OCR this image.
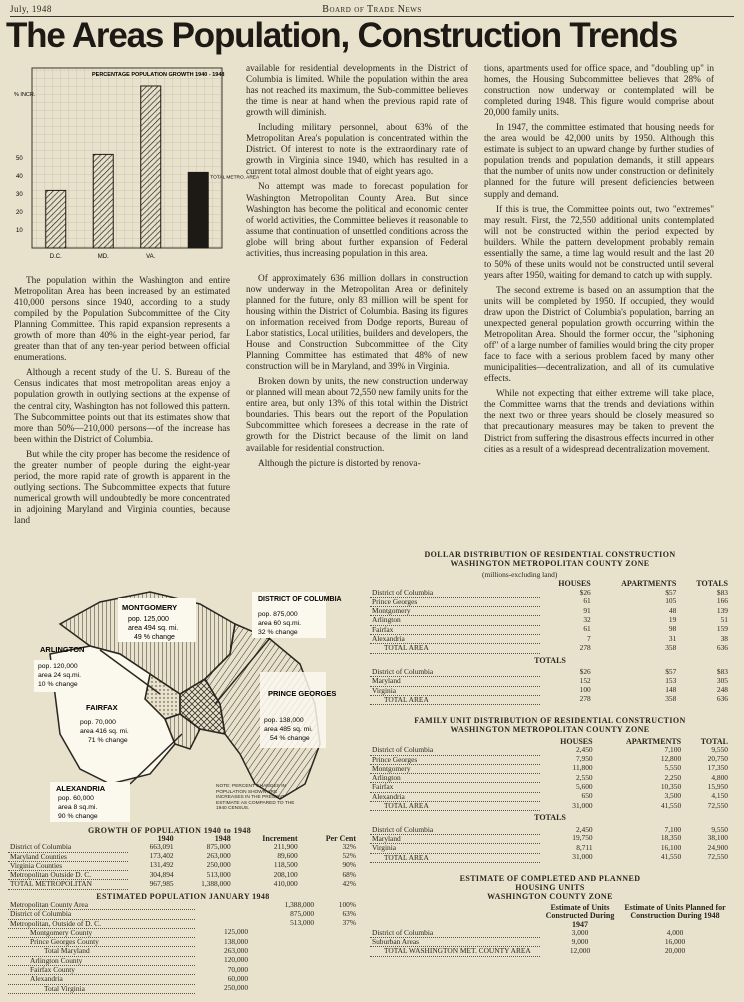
July, 1948	Board of Trade News
The Areas Population, Construction Trends
PERCENTAGE POPULATION GROWTH 1940 - 1948
% INCR.
50
40
30
20
10
D.C.	MD.	VA.
TOTAL METRO. AREA

The population within the Washington and entire Metropolitan Area has been increased by an estimated 410,000 persons since 1940, according to a study compiled by the Population Subcommittee of the City Planning Committee. This rapid expansion represents a growth of more than 40% in the eight-year period, far greater than that of any ten-year period between official enumerations.

Although a recent study of the U. S. Bureau of the Census indicates that most metropolitan areas enjoy a population growth in outlying sections at the expense of the central city, Washington has not followed this pattern. The Subcommittee points out that its estimates show that more than 50%—210,000 persons—of the increase has been within the District of Columbia.

But while the city proper has become the residence of the greater number of people during the eight-year period, the more rapid rate of growth is apparent in the outlying sections. The Subcommittee expects that future numerical growth will undoubtedly be more concentrated in adjoining Maryland and Virginia counties, because land

available for residential developments in the District of Columbia is limited. While the population within the area has not reached its maximum, the Sub-committee believes the time is near at hand when the previous rapid rate of growth will diminish.

Including military personnel, about 63% of the Metropolitan Area's population is concentrated within the District. Of interest to note is the extraordinary rate of growth in Virginia since 1940, which has resulted in a current total almost double that of eight years ago.

No attempt was made to forecast population for Washington Metropolitan County Area. But since Washington has become the political and economic center of world activities, the Committee believes it reasonable to assume that continuation of unsettled conditions across the globe will bring about further expansion of Federal activities, thus increasing population in this area.

Of approximately 636 million dollars in construction now underway in the Metropolitan Area or definitely planned for the future, only 83 million will be spent for housing within the District of Columbia. Basing its figures on information received from Dodge reports, Bureau of Labor statistics, Local utilities, builders and developers, the House and Construction Subcommittee of the City Planning Committee has estimated that 48% of new construction will be in Maryland, and 39% in Virginia.

Broken down by units, the new construction underway or planned will mean about 72,550 new family units for the entire area, but only 13% of this total within the District boundaries. This bears out the report of the Population Subcommittee which foresees a decrease in the rate of growth for the District because of the limit on land available for residential construction.

Although the picture is distorted by renova-

tions, apartments used for office space, and "doubling up" in homes, the Housing Subcommittee believes that 28% of construction now underway or contemplated will be completed during 1948. This figure would comprise about 20,000 family units.

In 1947, the committee estimated that housing needs for the area would be 42,000 units by 1950. Although this estimate is subject to an upward change by further studies of population trends and population demands, it still appears that the number of units now under construction or definitely planned for the future will present deficiencies between supply and demand.

If this is true, the Committee points out, two "extremes" may result. First, the 72,550 additional units contemplated will not be constructed within the period expected by builders. While the pattern development probably remain essentially the same, a time lag would result and the last 20 to 50% of these units would not be constructed until several years after 1950, waiting for demand to catch up with supply.

The second extreme is based on an assumption that the units will be completed by 1950. If occupied, they would draw upon the District of Columbia's population, barring an unexpected general population growth occurring within the Metropolitan Area. Should the former occur, the "siphoning off" of a large number of families would bring the city proper face to face with a serious problem faced by many other municipalities—decentralization, and all of its cumulative effects.

While not expecting that either extreme will take place, the Committee warns that the trends and deviations within the next two or three years should be closely measured so that precautionary measures may be taken to prevent the District from suffering the disastrous effects incurred in other cities as a result of a widespread decentralization movement.

MONTGOMERY
pop. 125,000
area 494 sq. mi.
49 % change
DISTRICT OF COLUMBIA
pop. 875,000
area 60 sq.mi.
32 % change
ARLINGTON
pop. 120,000
area 24 sq.mi.
10 % change
FAIRFAX
pop. 70,000
area 416 sq. mi.
71 % change
PRINCE GEORGES
pop. 138,000
area 485 sq. mi.
54 % change
ALEXANDRIA
pop. 60,000
area 8 sq.mi.
90 % change
NOTE: PERCENT CHANGES IN POPULATION SHOWN ARE INCREASES IN THE PRESENT ESTIMATE AS COMPARED TO THE 1940 CENSUS.
GROWTH OF POPULATION 1940 to 1948
	1940	1948	Increment	Per Cent
District of Columbia	663,091	875,000	211,900	32%
Maryland Counties	173,402	263,000	89,600	52%
Virginia Counties	131,492	250,000	118,500	90%
Metropolitan Outside D. C.	304,894	513,000	208,100	68%
TOTAL METROPOLITAN	967,985	1,388,000	410,000	42%
ESTIMATED POPULATION JANUARY 1948
Metropolitan County Area		1,388,000	100%
District of Columbia		875,000	63%
Metropolitan, Outside of D. C.		513,000	37%
Montgomery County	125,000		
Prince Georges County	138,000		
Total Maryland	263,000		
Arlington County	120,000		
Fairfax County	70,000		
Alexandria	60,000		
Total Virginia	250,000		
DOLLAR DISTRIBUTION OF RESIDENTIAL CONSTRUCTION
WASHINGTON METROPOLITAN COUNTY ZONE
(millions-excluding land)
	HOUSES	APARTMENTS	TOTALS
District of Columbia	$26	$57	$83
Prince Georges	61	105	166
Montgomery	91	48	139
Arlington	32	19	51
Fairfax	61	98	159
Alexandria	7	31	38
TOTAL AREA	278	358	636
TOTALS			
District of Columbia	$26	$57	$83
Maryland	152	153	305
Virginia	100	148	248
TOTAL AREA	278	358	636
FAMILY UNIT DISTRIBUTION OF RESIDENTIAL CONSTRUCTION
WASHINGTON METROPOLITAN COUNTY ZONE
	HOUSES	APARTMENTS	TOTAL
District of Columbia	2,450	7,100	9,550
Prince Georges	7,950	12,800	20,750
Montgomery	11,800	5,550	17,350
Arlington	2,550	2,250	4,800
Fairfax	5,600	10,350	15,950
Alexandria	650	3,500	4,150
TOTAL AREA	31,000	41,550	72,550
TOTALS			
District of Columbia	2,450	7,100	9,550
Maryland	19,750	18,350	38,100
Virginia	8,711	16,100	24,900
TOTAL AREA	31,000	41,550	72,550
ESTIMATE OF COMPLETED AND PLANNED
HOUSING UNITS
WASHINGTON COUNTY ZONE
	Estimate of Units Constructed During 1947	Estimate of Units Planned for Construction During 1948
District of Columbia	3,000	4,000
Suburban Areas	9,000	16,000
TOTAL WASHINGTON MET. COUNTY AREA	12,000	20,000
